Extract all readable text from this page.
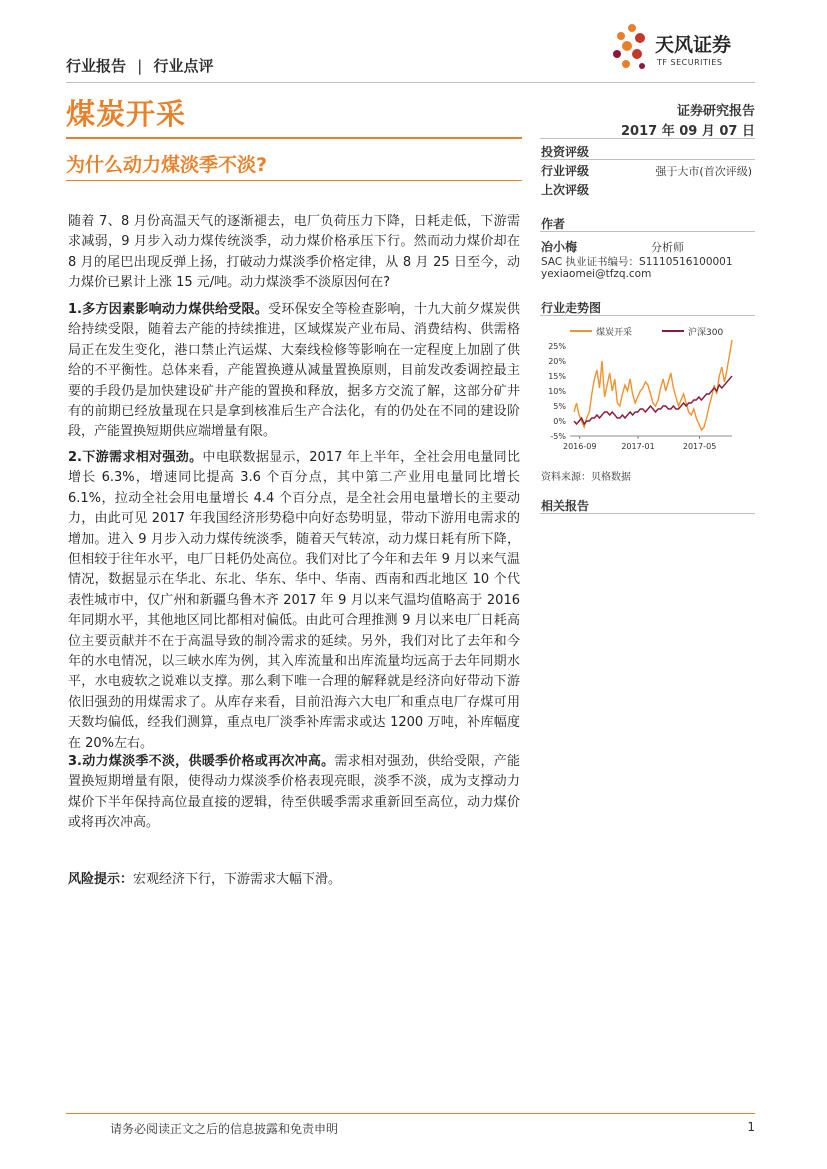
行业报告 | 行业点评
天风证券
TF SECURITIES
煤炭开采	证券研究报告
2017 年 09 月 07 日
为什么动力煤淡季不淡?
投资评级
行业评级	强于大市(首次评级)
上次评级
作者
冶小梅	分析师
SAC 执业证书编号：S1110516100001
yexiaomei@tfzq.com
行业走势图
煤炭开采	沪深300
25%
20%
15%
10%
5%
0%
-5%
2016-09	2017-01	2017-05
资料来源：贝格数据
相关报告
随着 7、8 月份高温天气的逐渐褪去，电厂负荷压力下降，日耗走低，下游需求减弱，9 月步入动力煤传统淡季，动力煤价格承压下行。然而动力煤价却在 8 月的尾巴出现反弹上扬，打破动力煤淡季价格定律，从 8 月 25 日至今，动力煤价已累计上涨 15 元/吨。动力煤淡季不淡原因何在?
1.多方因素影响动力煤供给受限。受环保安全等检查影响，十九大前夕煤炭供给持续受限，随着去产能的持续推进，区域煤炭产业布局、消费结构、供需格局正在发生变化，港口禁止汽运煤、大秦线检修等影响在一定程度上加剧了供给的不平衡性。总体来看，产能置换遵从减量置换原则，目前发改委调控最主要的手段仍是加快建设矿井产能的置换和释放，据多方交流了解，这部分矿井有的前期已经放量现在只是拿到核准后生产合法化，有的仍处在不同的建设阶段，产能置换短期供应端增量有限。
2.下游需求相对强劲。中电联数据显示，2017 年上半年，全社会用电量同比增长 6.3%，增速同比提高 3.6 个百分点，其中第二产业用电量同比增长 6.1%，拉动全社会用电量增长 4.4 个百分点，是全社会用电量增长的主要动力，由此可见 2017 年我国经济形势稳中向好态势明显，带动下游用电需求的增加。进入 9 月步入动力煤传统淡季，随着天气转凉，动力煤日耗有所下降，但相较于往年水平，电厂日耗仍处高位。我们对比了今年和去年 9 月以来气温情况，数据显示在华北、东北、华东、华中、华南、西南和西北地区 10 个代表性城市中，仅广州和新疆乌鲁木齐 2017 年 9 月以来气温均值略高于 2016 年同期水平，其他地区同比都相对偏低。由此可合理推测 9 月以来电厂日耗高位主要贡献并不在于高温导致的制冷需求的延续。另外，我们对比了去年和今年的水电情况，以三峡水库为例，其入库流量和出库流量均远高于去年同期水平，水电疲软之说难以支撑。那么剩下唯一合理的解释就是经济向好带动下游依旧强劲的用煤需求了。从库存来看，目前沿海六大电厂和重点电厂存煤可用天数均偏低，经我们测算，重点电厂淡季补库需求或达 1200 万吨，补库幅度在 20%左右。
3.动力煤淡季不淡，供暖季价格或再次冲高。需求相对强劲，供给受限，产能置换短期增量有限，使得动力煤淡季价格表现亮眼，淡季不淡，成为支撑动力煤价下半年保持高位最直接的逻辑，待至供暖季需求重新回至高位，动力煤价或将再次冲高。
风险提示：宏观经济下行，下游需求大幅下滑。
请务必阅读正文之后的信息披露和免责申明	1
